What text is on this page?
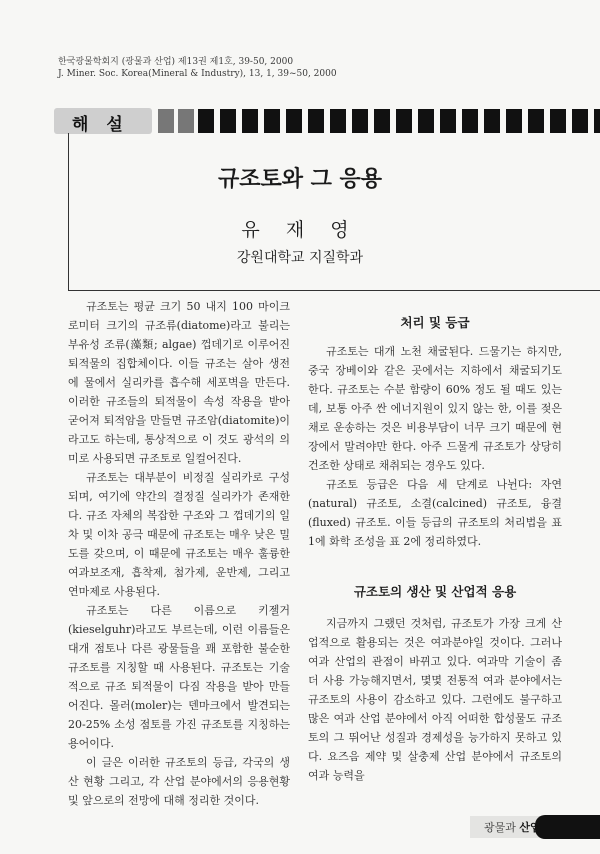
한국광물학회지 (광물과 산업) 제13권 제1호, 39-50, 2000
J. Miner. Soc. Korea(Mineral & Industry), 13, 1, 39~50, 2000
해 설
규조토와 그 응용
유 재 영
강원대학교 지질학과

규조토는 평균 크기 50 내지 100 마이크로미터 크기의 규조류(diatome)라고 불리는 부유성 조류(藻類; algae) 껍데기로 이루어진 퇴적물의 집합체이다. 이들 규조는 살아 생전에 물에서 실리카를 흡수해 세포벽을 만든다. 이러한 규조들의 퇴적물이 속성 작용을 받아 굳어져 퇴적암을 만들면 규조암(diatomite)이라고도 하는데, 통상적으로 이 것도 광석의 의미로 사용되면 규조토로 일컬어진다.

규조토는 대부분이 비정질 실리카로 구성되며, 여기에 약간의 결정질 실리카가 존재한다. 규조 자체의 복잡한 구조와 그 껍데기의 일차 및 이차 공극 때문에 규조토는 매우 낮은 밀도를 갖으며, 이 때문에 규조토는 매우 훌륭한 여과보조재, 흡착제, 첨가제, 운반제, 그리고 연마제로 사용된다.

규조토는 다른 이름으로 키젤거(kieselguhr)라고도 부르는데, 이런 이름들은 대개 점토나 다른 광물들을 꽤 포함한 불순한 규조토를 지칭할 때 사용된다. 규조토는 기술적으로 규조 퇴적물이 다짐 작용을 받아 만들어진다. 몰러(moler)는 덴마크에서 발견되는 20-25% 소성 점토를 가진 규조토를 지칭하는 용어이다.

이 글은 이러한 규조토의 등급, 각국의 생산 현황 그리고, 각 산업 분야에서의 응용현황 및 앞으로의 전망에 대해 정리한 것이다.

처리 및 등급

규조토는 대개 노천 채굴된다. 드물기는 하지만, 중국 장베이와 같은 곳에서는 지하에서 채굴되기도 한다. 규조토는 수분 함량이 60% 정도 될 때도 있는데, 보통 아주 싼 에너지원이 있지 않는 한, 이를 젖은 채로 운송하는 것은 비용부담이 너무 크기 때문에 현장에서 말려야만 한다. 아주 드물게 규조토가 상당히 건조한 상태로 채취되는 경우도 있다.

규조토 등급은 다음 세 단계로 나뉜다: 자연(natural) 규조토, 소결(calcined) 규조토, 융결(fluxed) 규조토. 이들 등급의 규조토의 처리법을 표 1에 화학 조성을 표 2에 정리하였다.

규조토의 생산 및 산업적 응용

지금까지 그랬던 것처럼, 규조토가 가장 크게 산업적으로 활용되는 것은 여과분야일 것이다. 그러나 여과 산업의 관점이 바뀌고 있다. 여과막 기술이 좀 더 사용 가능해지면서, 몇몇 전통적 여과 분야에서는 규조토의 사용이 감소하고 있다. 그런에도 불구하고 많은 여과 산업 분야에서 아직 어떠한 합성물도 규조토의 그 뛰어난 성질과 경제성을 능가하지 못하고 있다. 요즈음 제약 및 살충제 산업 분야에서 규조토의 여과 능력을

광물과 산업
